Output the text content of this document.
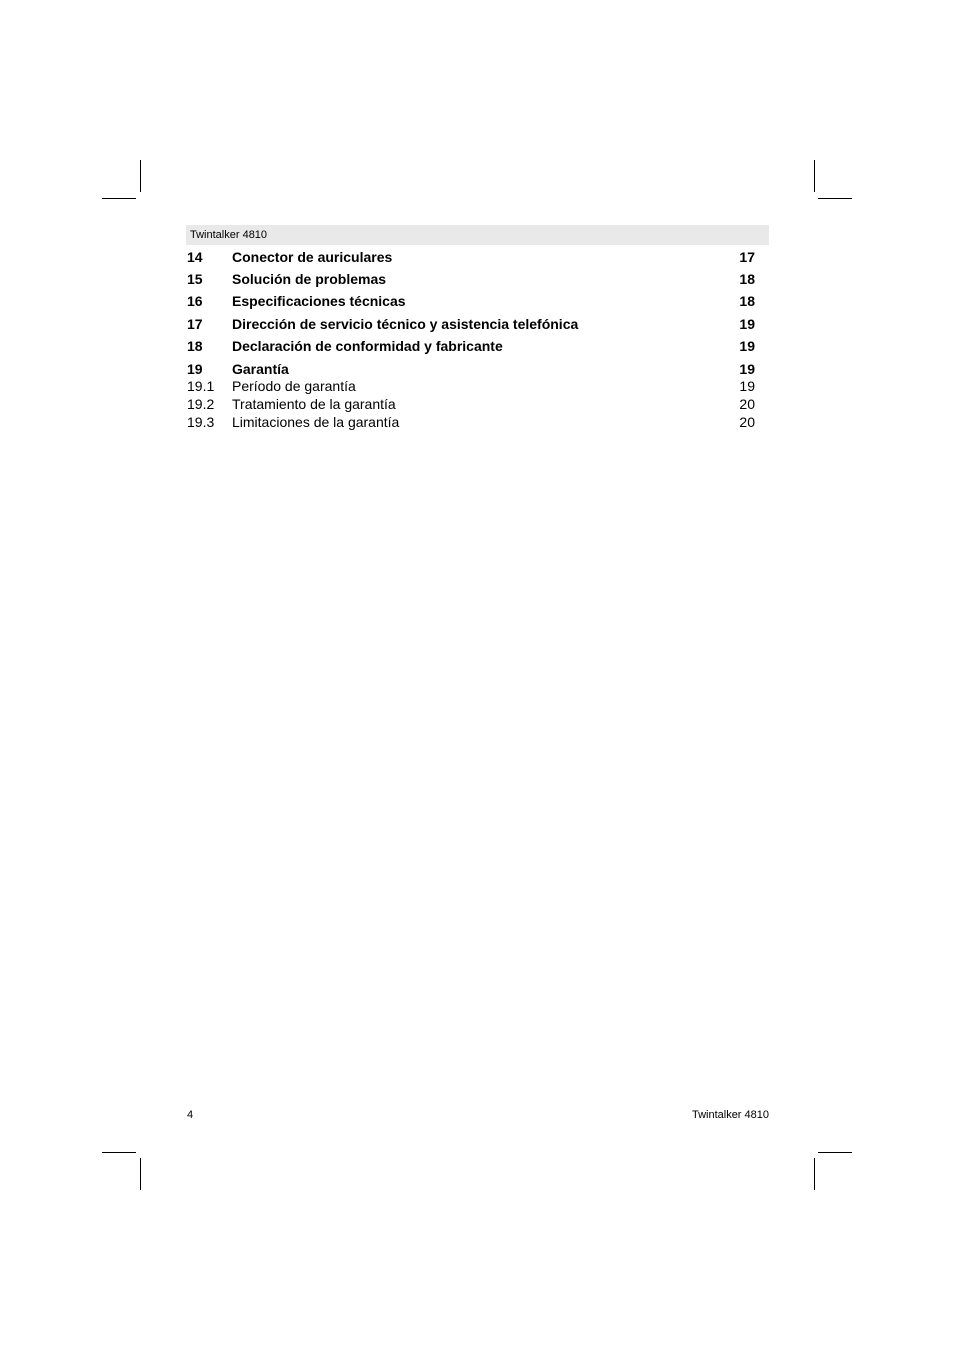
Twintalker 4810
14 Conector de auriculares	17
15 Solución de problemas	18
16 Especificaciones técnicas	18
17 Dirección de servicio técnico y asistencia telefónica	19
18 Declaración de conformidad y fabricante	19
19 Garantía	19
19.1 Período de garantía	19
19.2 Tratamiento de la garantía	20
19.3 Limitaciones de la garantía	20
4	Twintalker 4810
